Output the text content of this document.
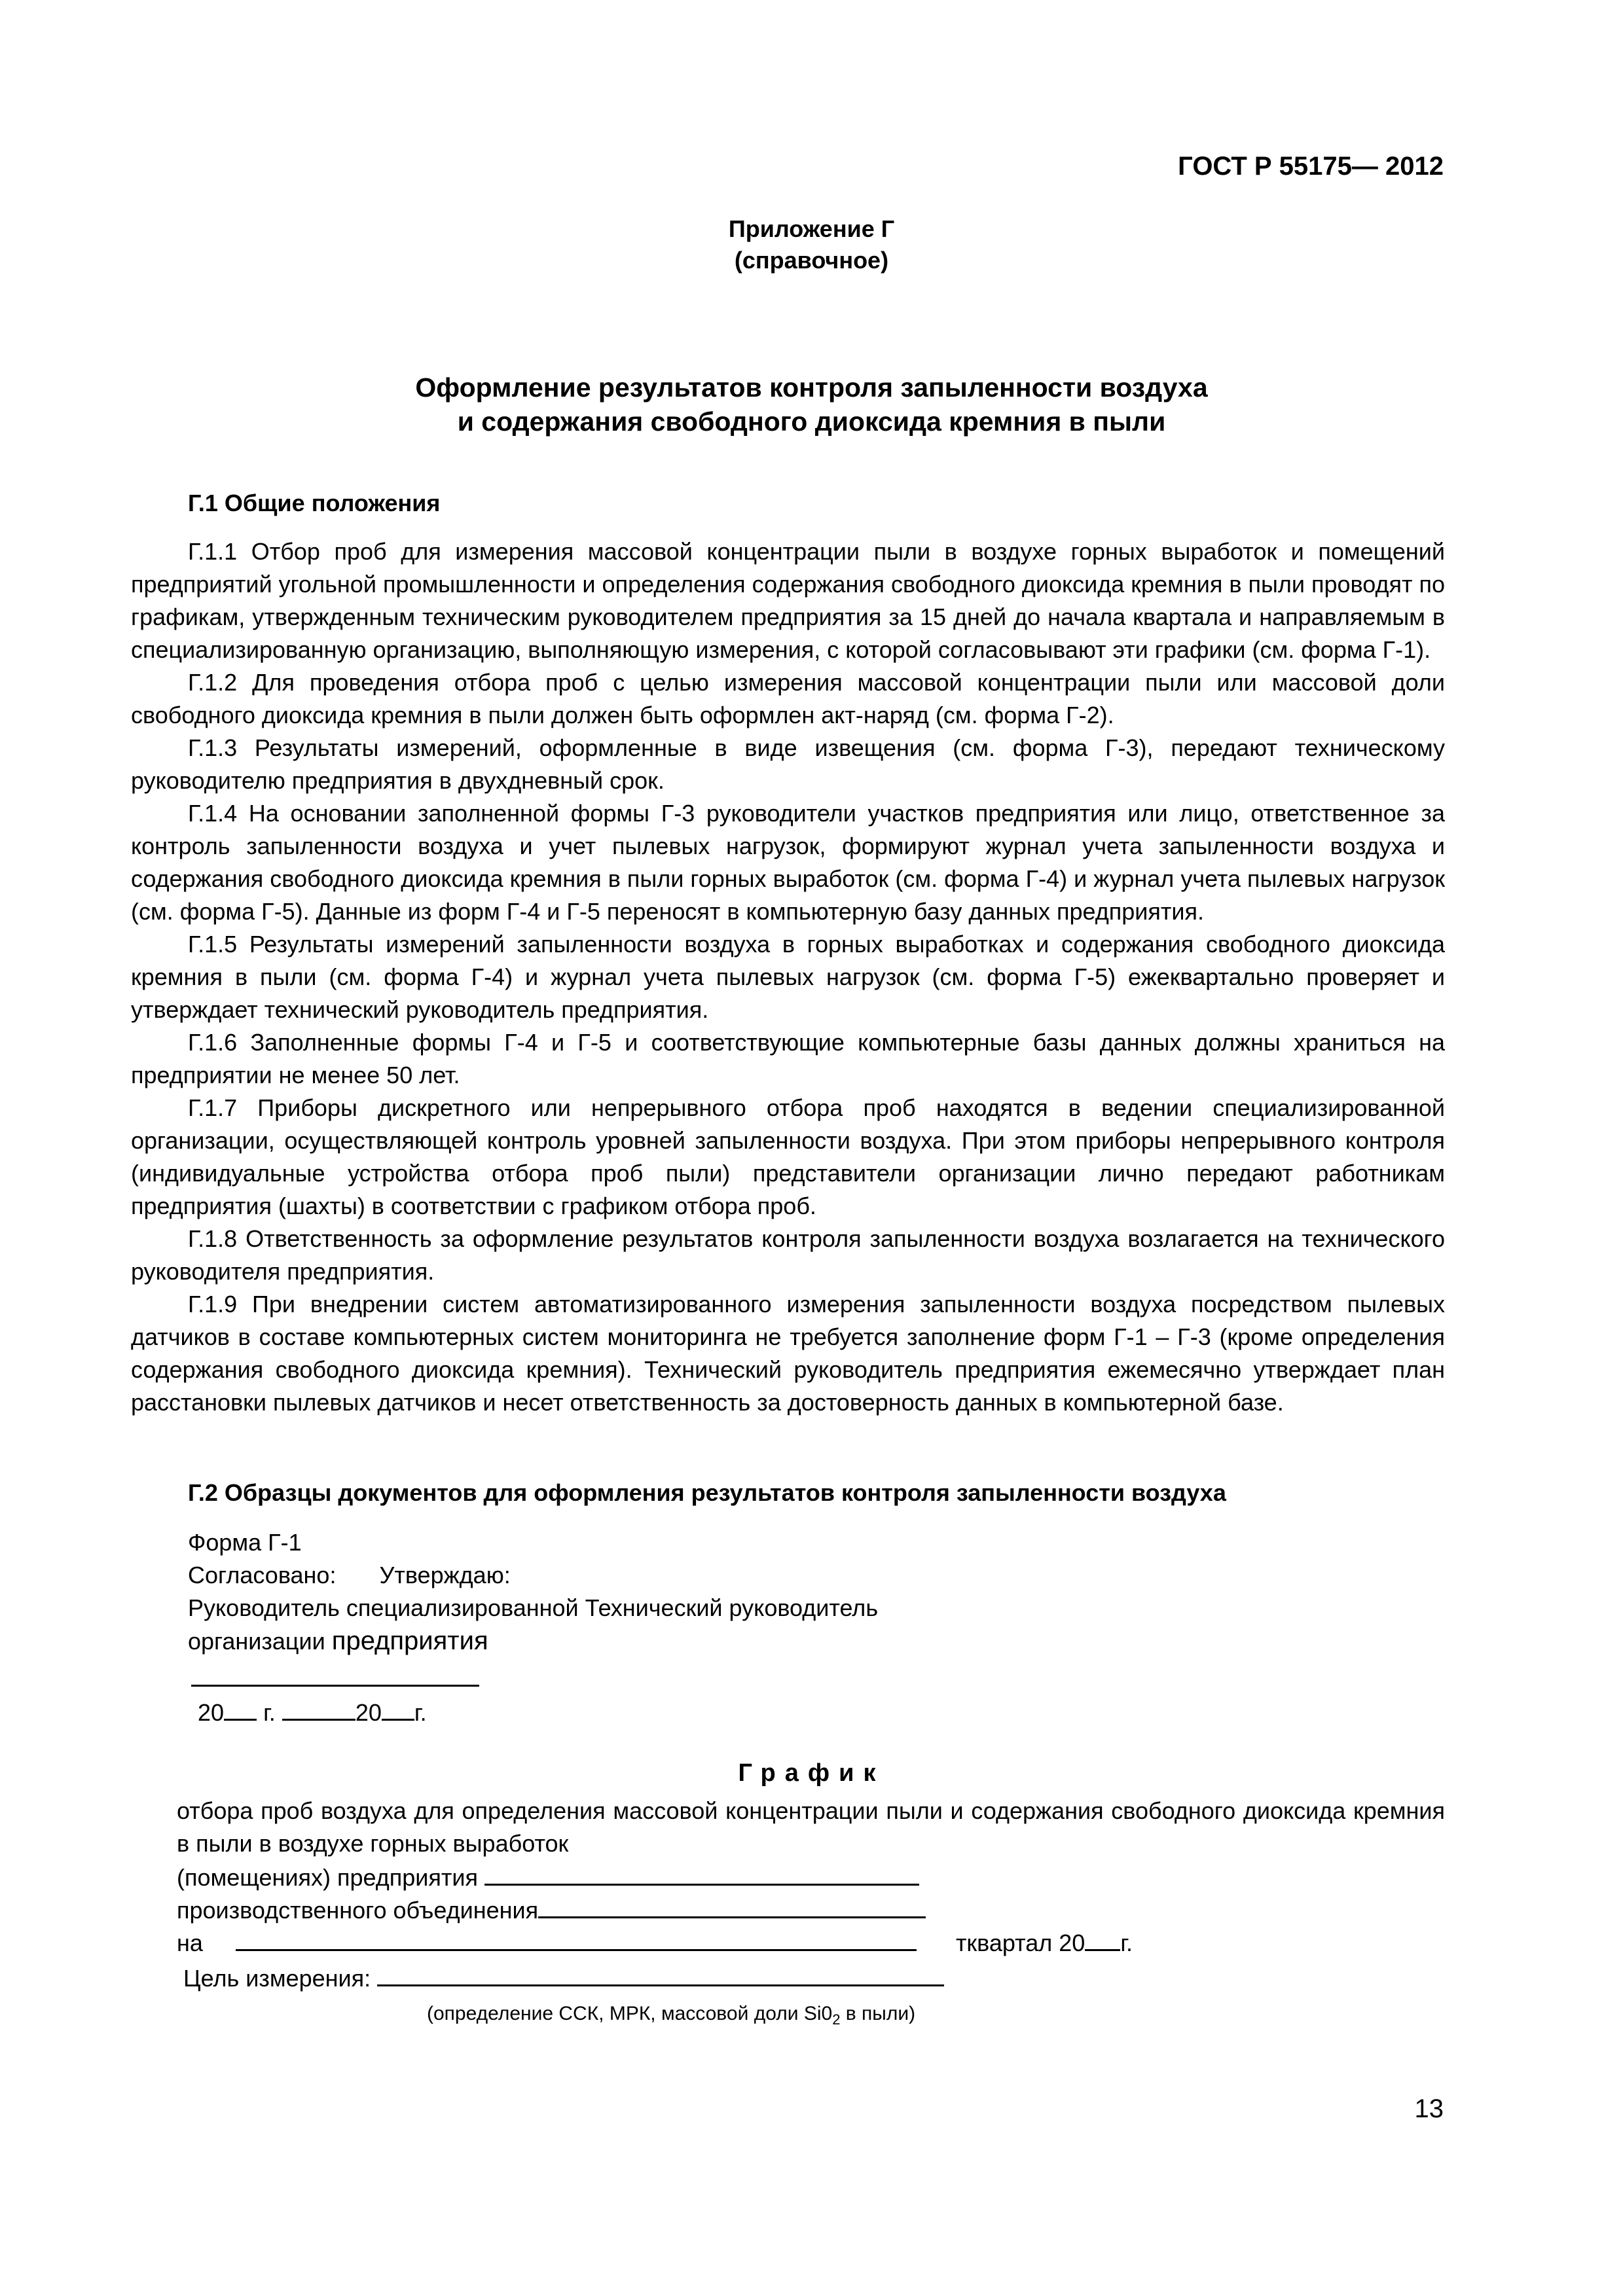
ГОСТ Р 55175— 2012
Приложение Г
(справочное)
Оформление результатов контроля запыленности воздуха
и содержания свободного диоксида кремния в пыли
Г.1 Общие положения

Г.1.1 Отбор проб для измерения массовой концентрации пыли в воздухе горных выработок и помещений предприятий угольной промышленности и определения содержания свободного диоксида кремния в пыли проводят по графикам, утвержденным техническим руководителем предприятия за 15 дней до начала квартала и направляемым в специализированную организацию, выполняющую измерения, с которой согласовывают эти графики (см. форма Г-1).

Г.1.2 Для проведения отбора проб с целью измерения массовой концентрации пыли или массовой доли свободного диоксида кремния в пыли должен быть оформлен акт-наряд (см. форма Г-2).

Г.1.3 Результаты измерений, оформленные в виде извещения (см. форма Г-3), передают техническому руководителю предприятия в двухдневный срок.

Г.1.4 На основании заполненной формы Г-3 руководители участков предприятия или лицо, ответственное за контроль запыленности воздуха и учет пылевых нагрузок, формируют журнал учета запыленности воздуха и содержания свободного диоксида кремния в пыли горных выработок (см. форма Г-4) и журнал учета пылевых нагрузок (см. форма Г-5). Данные из форм Г-4 и Г-5 переносят в компьютерную базу данных предприятия.

Г.1.5 Результаты измерений запыленности воздуха в горных выработках и содержания свободного диоксида кремния в пыли (см. форма Г-4) и журнал учета пылевых нагрузок (см. форма Г-5) ежеквартально проверяет и утверждает технический руководитель предприятия.

Г.1.6 Заполненные формы Г-4 и Г-5 и соответствующие компьютерные базы данных должны храниться на предприятии не менее 50 лет.

Г.1.7 Приборы дискретного или непрерывного отбора проб находятся в ведении специализированной организации, осуществляющей контроль уровней запыленности воздуха. При этом приборы непрерывного контроля (индивидуальные устройства отбора проб пыли) представители организации лично передают работникам предприятия (шахты) в соответствии с графиком отбора проб.

Г.1.8 Ответственность за оформление результатов контроля запыленности воздуха возлагается на технического руководителя предприятия.

Г.1.9 При внедрении систем автоматизированного измерения запыленности воздуха посредством пылевых датчиков в составе компьютерных систем мониторинга не требуется заполнение форм Г-1 – Г-3 (кроме определения содержания свободного диоксида кремния). Технический руководитель предприятия ежемесячно утверждает план расстановки пылевых датчиков и несет ответственность за достоверность данных в компьютерной базе.

Г.2 Образцы документов для оформления результатов контроля запыленности воздуха
Форма Г-1
Согласовано: Утверждаю:
Руководитель специализированной Технический руководитель
организации предприятия
20 г.	20 г.
График
отбора проб воздуха для определения массовой концентрации пыли и содержания свободного диоксида кремния в пыли в воздухе горных выработок
(помещениях) предприятия
производственного объединения
на	тквартал 20 г.
Цель измерения:
(определение ССК, МРК, массовой доли $Si0_2$ в пыли)
13
